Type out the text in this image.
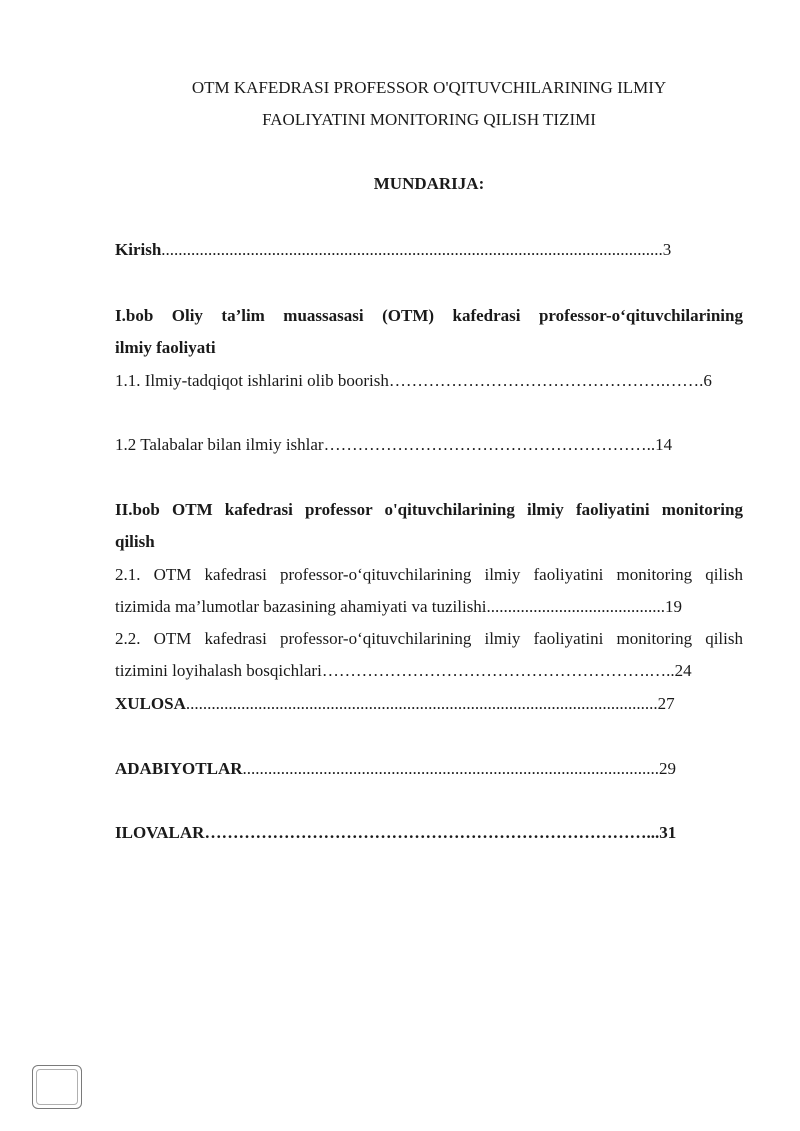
OTM KAFEDRASI PROFESSOR O'QITUVCHILARINING ILMIY
FAOLIYATINI MONITORING QILISH TIZIMI
MUNDARIJA:
Kirish......................................................................................................................3
I.bob Oliy ta’lim muassasasi (OTM) kafedrasi professor-o‘qituvchilarining
ilmiy faoliyati
1.1. Ilmiy-tadqiqot ishlarini olib boorish………………………………………….…….6
1.2 Talabalar bilan ilmiy ishlar…………………………………………………..14
II.bob OTM kafedrasi professor o'qituvchilarining ilmiy faoliyatini monitoring
qilish
2.1. OTM kafedrasi professor-o‘qituvchilarining ilmiy faoliyatini monitoring qilish
tizimida ma’lumotlar bazasining ahamiyati va tuzilishi..........................................19
2.2. OTM kafedrasi professor-o‘qituvchilarining ilmiy faoliyatini monitoring qilish
tizimini loyihalash bosqichlari………………………………………………….…..24
XULOSA...............................................................................................................27
ADABIYOTLAR..................................................................................................29
ILOVALAR……………………………………………………………………...31
